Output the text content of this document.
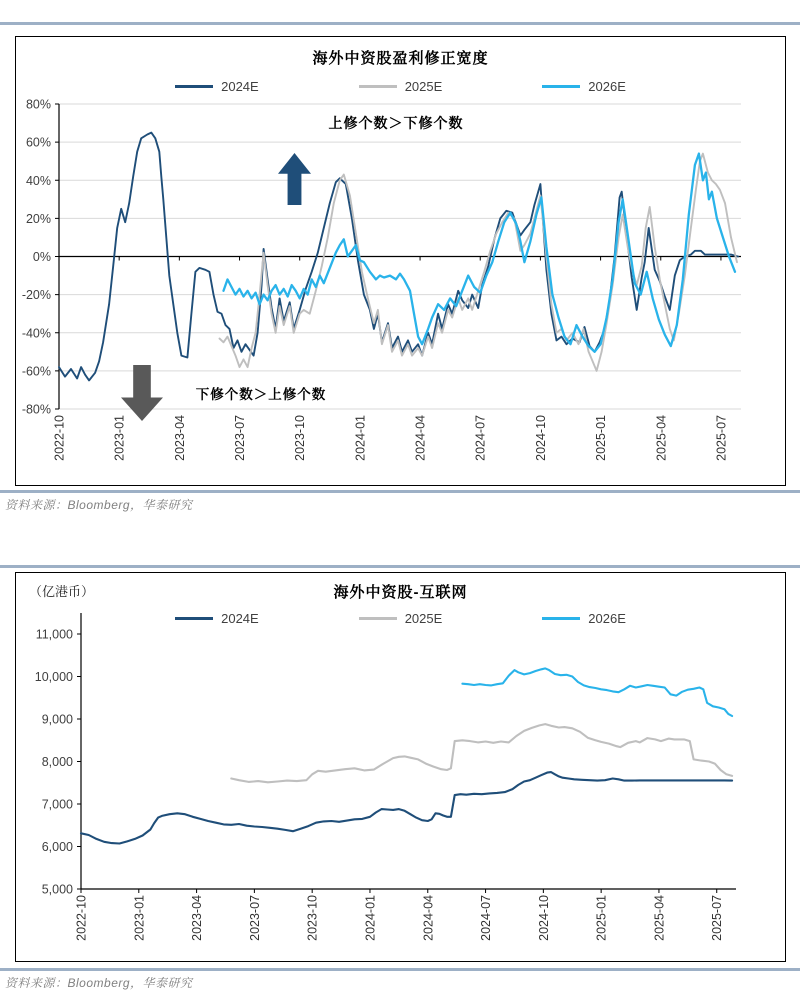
海外中资股盈利修正宽度
2024E	2025E	2026E
-80%
-60%
-40%
-20%
0%
20%
40%
60%
80%
2022-10	2023-01	2023-04	2023-07	2023-10	2024-01	2024-04	2024-07	2024-10	2025-01	2025-04	2025-07
上修个数＞下修个数
下修个数＞上修个数
资料来源：Bloomberg，华泰研究
（亿港币）	海外中资股-互联网
2024E	2025E	2026E
5,000
6,000
7,000
8,000
9,000
10,000
11,000
2022-10	2023-01	2023-04	2023-07	2023-10	2024-01	2024-04	2024-07	2024-10	2025-01	2025-04	2025-07
资料来源：Bloomberg，华泰研究
